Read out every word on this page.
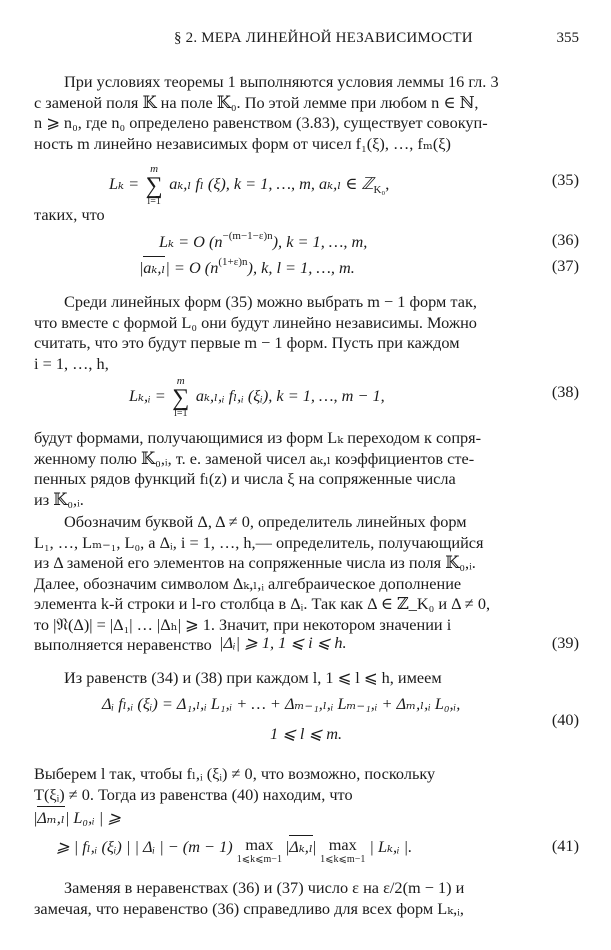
§ 2. МЕРА ЛИНЕЙНОЙ НЕЗАВИСИМОСТИ	355
При условиях теоремы 1 выполняются условия леммы 16 гл. 3
с заменой поля 𝕂 на поле 𝕂₀. По этой лемме при любом n ∈ ℕ,
n ⩾ n₀, где n₀ определено равенством (3.83), существует совокуп-
ность m линейно независимых форм от чисел f₁(ξ), …, fₘ(ξ)
Lₖ =
m
∑
l=1
aₖ,ₗ fₗ (ξ), k = 1, …, m, aₖ,ₗ ∈ ℤ$_{K_0}$,	(35)
таких, что
Lₖ = O $(n^{-(m-1-\varepsilon)n})$, k = 1, …, m,	(36)
|aₖ,ₗ| = O $(n^{(1+\varepsilon)n})$, k, l = 1, …, m.	(37)
Среди линейных форм (35) можно выбрать m − 1 форм так,
что вместе с формой L₀ они будут линейно независимы. Можно
считать, что это будут первые m − 1 форм. Пусть при каждом
i = 1, …, h,
Lₖ,ᵢ =
m
∑
l=1
aₖ,ₗ,ᵢ fₗ,ᵢ (ξᵢ), k = 1, …, m − 1,	(38)
будут формами, получающимися из форм Lₖ переходом к сопря-
женному полю 𝕂₀,ᵢ, т. е. заменой чисел aₖ,ₗ коэффициентов сте-
пенных рядов функций fₗ(z) и числа ξ на сопряженные числа
из 𝕂₀,ᵢ.
Обозначим буквой Δ, Δ ≠ 0, определитель линейных форм
L₁, …, Lₘ₋₁, L₀, а Δᵢ, i = 1, …, h,— определитель, получающийся
из Δ заменой его элементов на сопряженные числа из поля 𝕂₀,ᵢ.
Далее, обозначим символом Δₖ,ₗ,ᵢ алгебраическое дополнение
элемента k-й строки и l-го столбца в Δᵢ. Так как Δ ∈ ℤ_K₀ и Δ ≠ 0,
то |𝔑(Δ)| = |Δ₁| … |Δₕ| ⩾ 1. Значит, при некотором значении i
выполняется неравенство |Δᵢ| ⩾ 1, 1 ⩽ i ⩽ h.	(39)
Из равенств (34) и (38) при каждом l, 1 ⩽ l ⩽ h, имеем
Δᵢ fₗ,ᵢ (ξᵢ) = Δ₁,ₗ,ᵢ L₁,ᵢ + … + Δₘ₋₁,ₗ,ᵢ Lₘ₋₁,ᵢ + Δₘ,ₗ,ᵢ L₀,ᵢ,
1 ⩽ l ⩽ m.
(40)
Выберем l так, чтобы fₗ,ᵢ (ξᵢ) ≠ 0, что возможно, поскольку
T(ξᵢ) ≠ 0. Тогда из равенства (40) находим, что
|Δₘ,ₗ| L₀,ᵢ | ⩾
⩾ | fₗ,ᵢ (ξᵢ) | | Δᵢ | − (m − 1) max
1⩽k⩽m−1
|Δₖ,ₗ| max
1⩽k⩽m−1
| Lₖ,ᵢ |.	(41)
Заменяя в неравенствах (36) и (37) число ε на ε/2(m − 1) и
замечая, что неравенство (36) справедливо для всех форм Lₖ,ᵢ,
